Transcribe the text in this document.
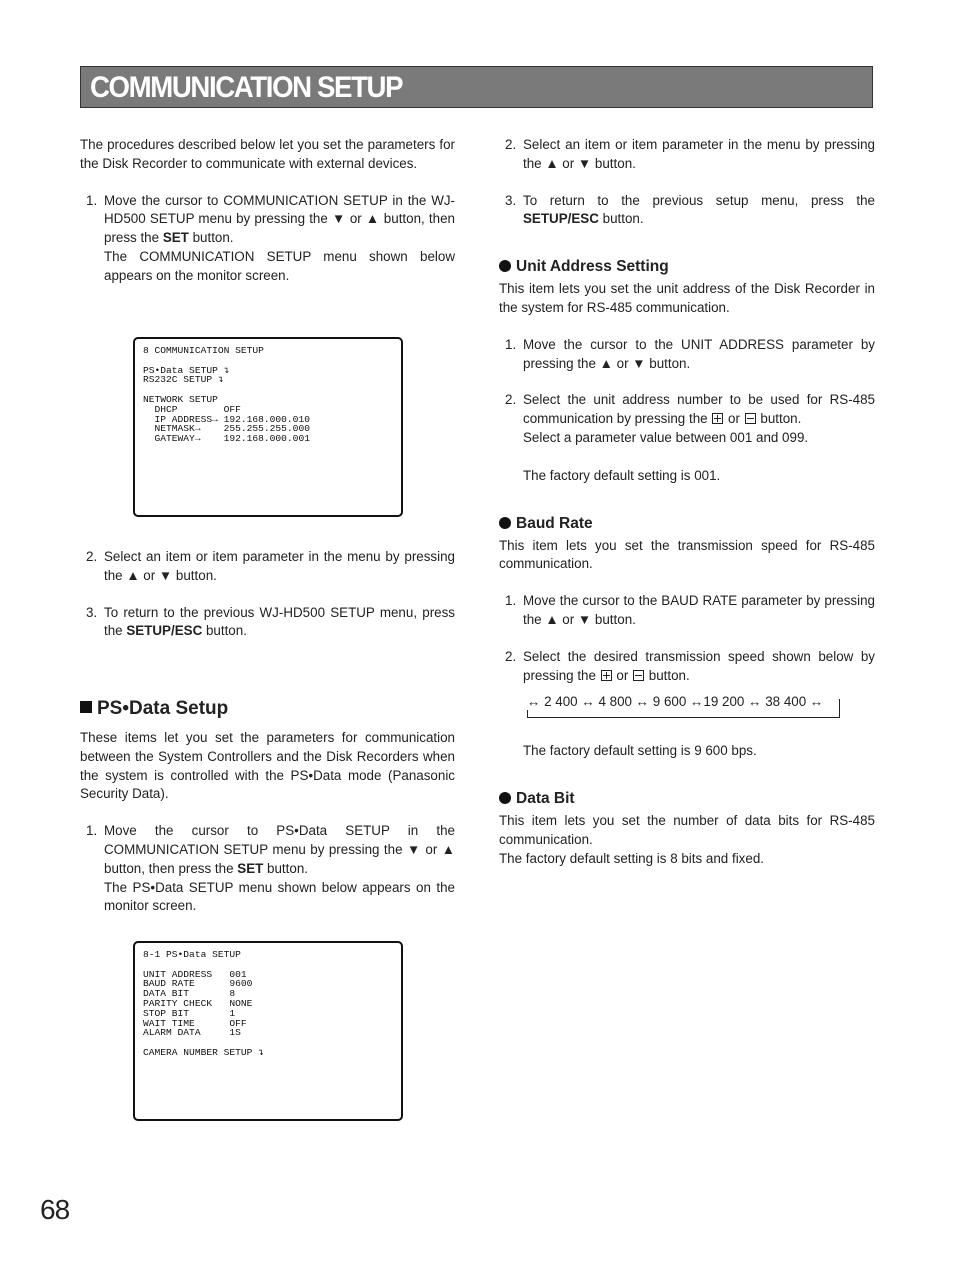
COMMUNICATION SETUP

The procedures described below let you set the parameters for the Disk Recorder to communicate with external devices.

1. Move the cursor to COMMUNICATION SETUP in the WJ-HD500 SETUP menu by pressing the ▼ or ▲ button, then press the SET button.

The COMMUNICATION SETUP menu shown below appears on the monitor screen.

8 COMMUNICATION SETUP

PS•Data SETUP ↴
RS232C SETUP ↴

NETWORK SETUP
DHCP        OFF
IP ADDRESS→ 192.168.000.010
NETMASK→    255.255.255.000
GATEWAY→    192.168.000.001
2. Select an item or item parameter in the menu by pressing the ▲ or ▼ button.

3. To return to the previous WJ-HD500 SETUP menu, press the SETUP/ESC button.

PS•Data Setup

These items let you set the parameters for communication between the System Controllers and the Disk Recorders when the system is controlled with the PS•Data mode (Panasonic Security Data).

1. Move the cursor to PS•Data SETUP in the COMMUNICATION SETUP menu by pressing the ▼ or ▲ button, then press the SET button.

The PS•Data SETUP menu shown below appears on the monitor screen.

8-1 PS•Data SETUP

UNIT ADDRESS   001
BAUD RATE      9600
DATA BIT       8
PARITY CHECK   NONE
STOP BIT       1
WAIT TIME      OFF
ALARM DATA     1S

CAMERA NUMBER SETUP ↴
2. Select an item or item parameter in the menu by pressing the ▲ or ▼ button.

3. To return to the previous setup menu, press the SETUP/ESC button.

Unit Address Setting

This item lets you set the unit address of the Disk Recorder in the system for RS-485 communication.

1. Move the cursor to the UNIT ADDRESS parameter by pressing the ▲ or ▼ button.

2. Select the unit address number to be used for RS-485 communication by pressing the  or  button.

Select a parameter value between 001 and 099.

The factory default setting is 001.

Baud Rate

This item lets you set the transmission speed for RS-485 communication.

1. Move the cursor to the BAUD RATE parameter by pressing the ▲ or ▼ button.

2. Select the desired transmission speed shown below by pressing the  or  button.

↔ 2 400 ↔ 4 800 ↔ 9 600 ↔19 200 ↔ 38 400 ↔

The factory default setting is 9 600 bps.

Data Bit

This item lets you set the number of data bits for RS-485 communication.

The factory default setting is 8 bits and fixed.

68
